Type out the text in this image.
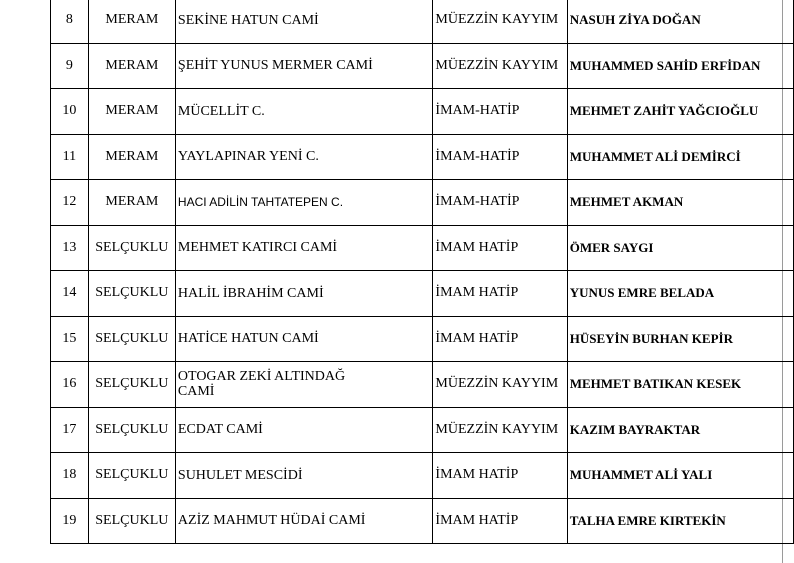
8	MERAM	SEKİNE HATUN CAMİ	MÜEZZİN KAYYIM	NASUH ZİYA DOĞAN
9	MERAM	ŞEHİT YUNUS MERMER CAMİ	MÜEZZİN KAYYIM	MUHAMMED SAHİD ERFİDAN
10	MERAM	MÜCELLİT C.	İMAM-HATİP	MEHMET ZAHİT YAĞCIOĞLU
11	MERAM	YAYLAPINAR YENİ C.	İMAM-HATİP	MUHAMMET ALİ DEMİRCİ
12	MERAM	HACI ADİLİN TAHTATEPEN C.	İMAM-HATİP	MEHMET AKMAN
13	SELÇUKLU	MEHMET KATIRCI CAMİ	İMAM HATİP	ÖMER SAYGI
14	SELÇUKLU	HALİL İBRAHİM CAMİ	İMAM HATİP	YUNUS EMRE BELADA
15	SELÇUKLU	HATİCE HATUN CAMİ	İMAM HATİP	HÜSEYİN BURHAN KEPİR
16	SELÇUKLU	OTOGAR ZEKİ ALTINDAĞ CAMİ	MÜEZZİN KAYYIM	MEHMET BATIKAN KESEK
17	SELÇUKLU	ECDAT CAMİ	MÜEZZİN KAYYIM	KAZIM BAYRAKTAR
18	SELÇUKLU	SUHULET MESCİDİ	İMAM HATİP	MUHAMMET ALİ YALI
19	SELÇUKLU	AZİZ MAHMUT HÜDAİ CAMİ	İMAM HATİP	TALHA EMRE KIRTEKİN
